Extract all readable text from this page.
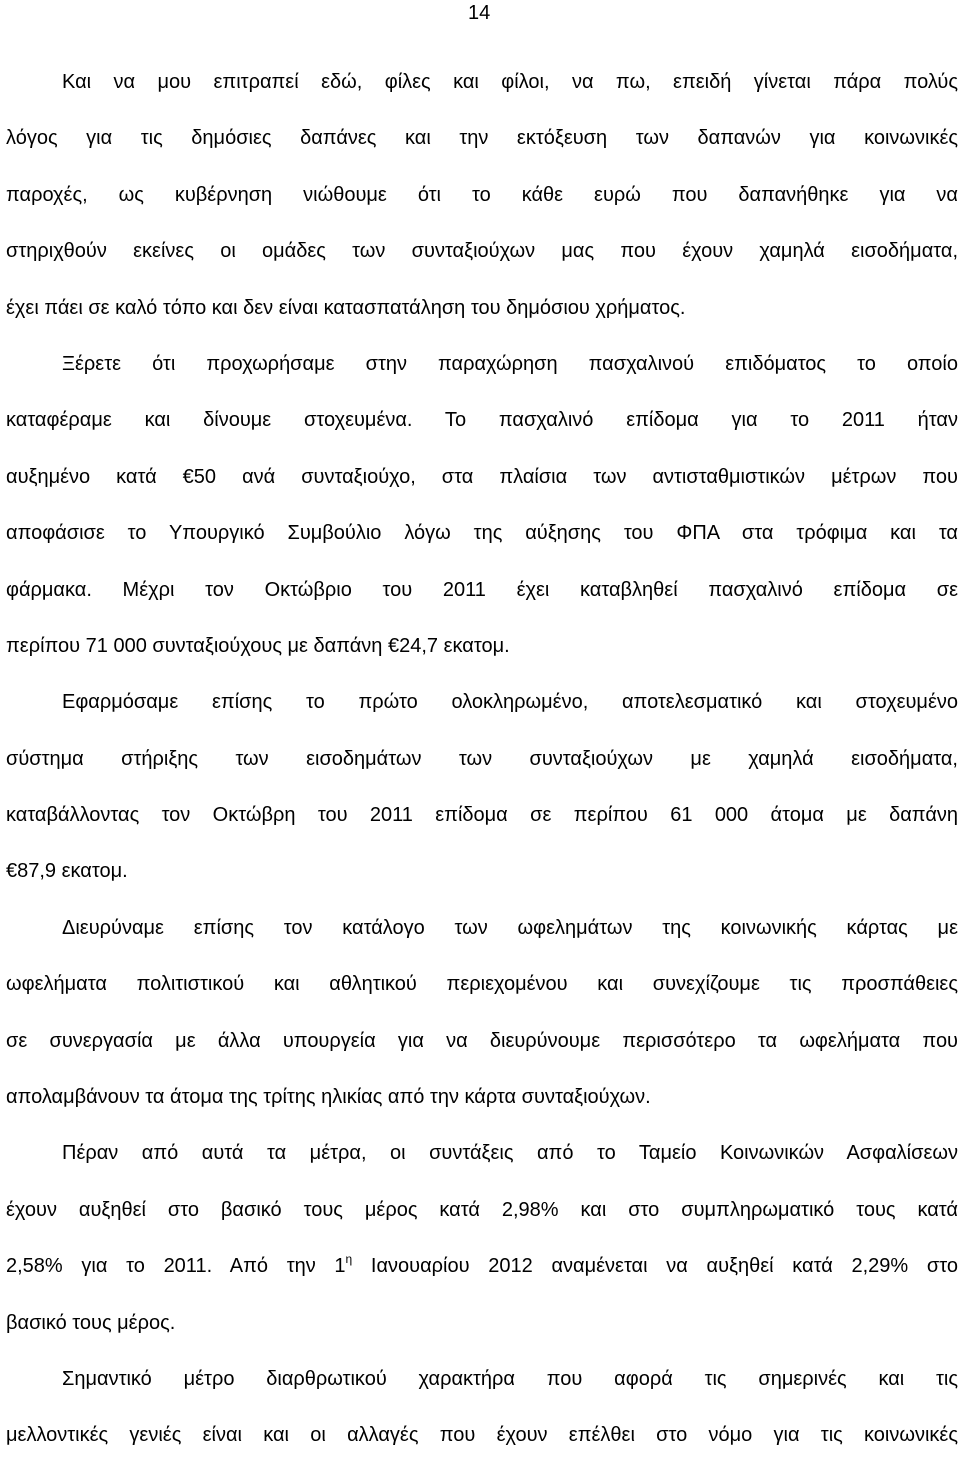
14
Και να μου επιτραπεί εδώ, φίλες και φίλοι, να πω, επειδή γίνεται πάρα πολύς
λόγος για τις δημόσιες δαπάνες και την εκτόξευση των δαπανών για κοινωνικές
παροχές, ως κυβέρνηση νιώθουμε ότι το κάθε ευρώ που δαπανήθηκε για να
στηριχθούν εκείνες οι ομάδες των συνταξιούχων μας που έχουν χαμηλά εισοδήματα,
έχει πάει σε καλό τόπο και δεν είναι κατασπατάληση του δημόσιου χρήματος.
Ξέρετε ότι προχωρήσαμε στην παραχώρηση πασχαλινού επιδόματος το οποίο
καταφέραμε και δίνουμε στοχευμένα. Το πασχαλινό επίδομα για το 2011 ήταν
αυξημένο κατά €50 ανά συνταξιούχο, στα πλαίσια των αντισταθμιστικών μέτρων που
αποφάσισε το Υπουργικό Συμβούλιο λόγω της αύξησης του ΦΠΑ στα τρόφιμα και τα
φάρμακα. Μέχρι τον Οκτώβριο του 2011 έχει καταβληθεί πασχαλινό επίδομα σε
περίπου 71 000 συνταξιούχους με δαπάνη €24,7 εκατομ.
Εφαρμόσαμε επίσης το πρώτο ολοκληρωμένο, αποτελεσματικό και στοχευμένο
σύστημα στήριξης των εισοδημάτων των συνταξιούχων με χαμηλά εισοδήματα,
καταβάλλοντας τον Οκτώβρη του 2011 επίδομα σε περίπου 61 000 άτομα με δαπάνη
€87,9 εκατομ.
Διευρύναμε επίσης τον κατάλογο των ωφελημάτων της κοινωνικής κάρτας με
ωφελήματα πολιτιστικού και αθλητικού περιεχομένου και συνεχίζουμε τις προσπάθειες
σε συνεργασία με άλλα υπουργεία για να διευρύνουμε περισσότερο τα ωφελήματα που
απολαμβάνουν τα άτομα της τρίτης ηλικίας από την κάρτα συνταξιούχων.
Πέραν από αυτά τα μέτρα, οι συντάξεις από το Ταμείο Κοινωνικών Ασφαλίσεων
έχουν αυξηθεί στο βασικό τους μέρος κατά 2,98% και στο συμπληρωματικό τους κατά
2,58% για το 2011. Από την $1^\eta$ Ιανουαρίου 2012 αναμένεται να αυξηθεί κατά 2,29% στο
βασικό τους μέρος.
Σημαντικό μέτρο διαρθρωτικού χαρακτήρα που αφορά τις σημερινές και τις
μελλοντικές γενιές είναι και οι αλλαγές που έχουν επέλθει στο νόμο για τις κοινωνικές
